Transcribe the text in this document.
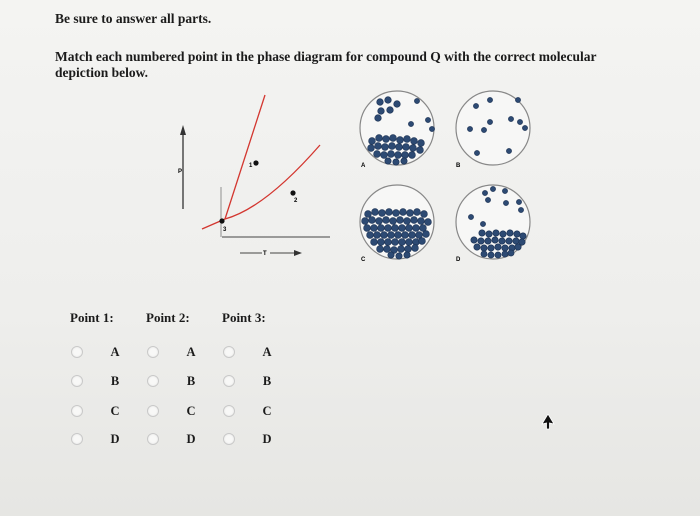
Be sure to answer all parts.
Match each numbered point in the phase diagram for compound Q with the correct molecular depiction below.
P
T
1
2
3
A	B
C	D
Point 1: Point 2: Point 3:
A
B
C
D
A
B
C
D
A
B
C
D
